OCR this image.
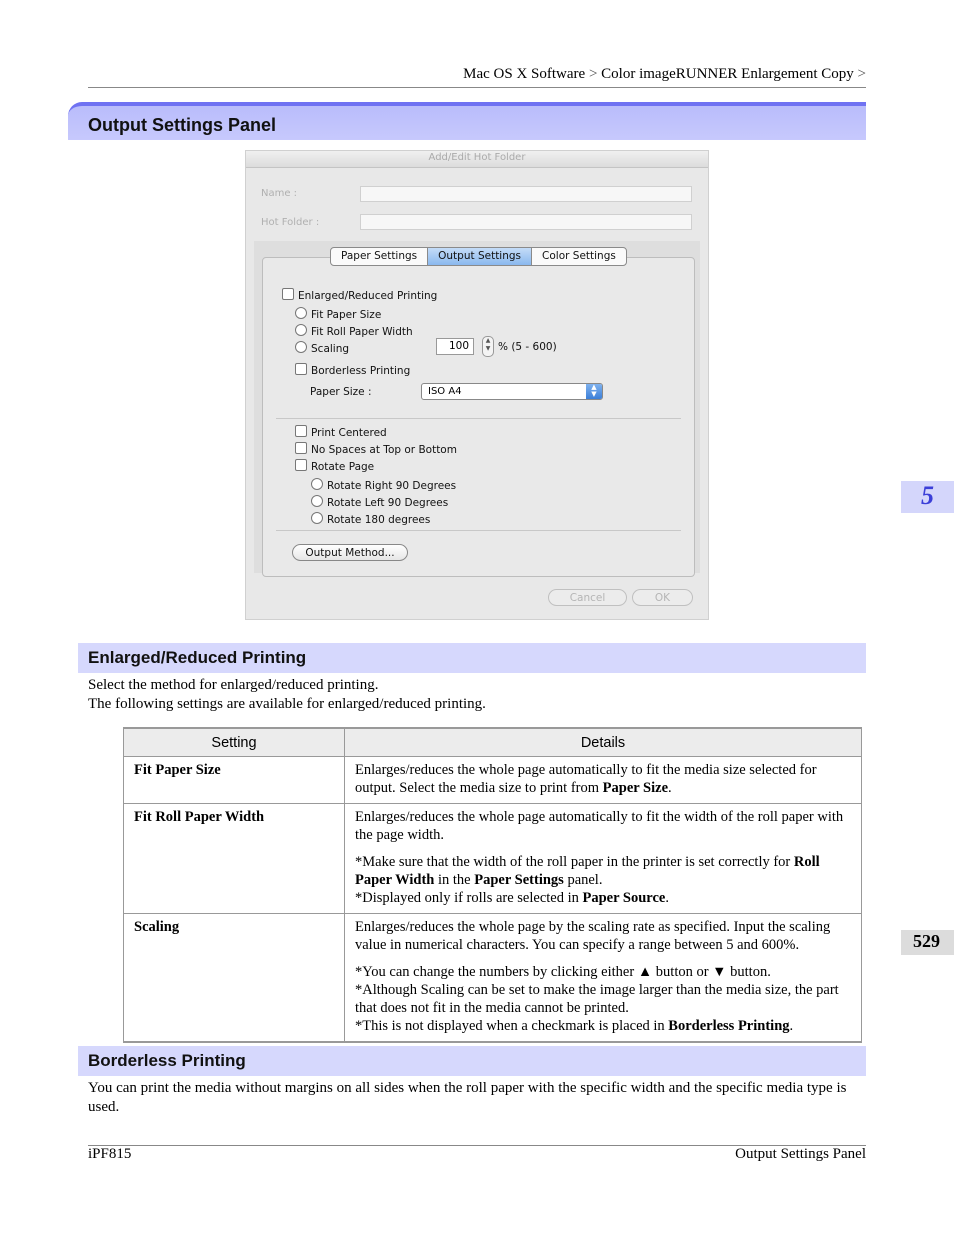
Mac OS X Software > Color imageRUNNER Enlargement Copy >
Output Settings Panel
Add/Edit Hot Folder
Name :
Hot Folder :
Paper Settings	Output Settings	Color Settings
Enlarged/Reduced Printing
Fit Paper Size
Fit Roll Paper Width
Scaling	100	▲
▼ % (5 - 600)
Borderless Printing
Paper Size :	ISO A4	▲
▼
Print Centered
No Spaces at Top or Bottom
Rotate Page
Rotate Right 90 Degrees
Rotate Left 90 Degrees
Rotate 180 degrees
Output Method...
Cancel	OK
Enlarged/Reduced Printing
Select the method for enlarged/reduced printing.
The following settings are available for enlarged/reduced printing.
Setting	Details
Fit Paper Size	Enlarges/reduces the whole page automatically to fit the media size selected for output. Select the media size to print from Paper Size.

Fit Roll Paper Width	Enlarges/reduces the whole page automatically to fit the width of the roll paper with the page width.

*Make sure that the width of the roll paper in the printer is set correctly for Roll Paper Width in the Paper Settings panel.
*Displayed only if rolls are selected in Paper Source.

Scaling	Enlarges/reduces the whole page by the scaling rate as specified. Input the scaling value in numerical characters. You can specify a range between 5 and 600%.

*You can change the numbers by clicking either ▲ button or ▼ button.
*Although Scaling can be set to make the image larger than the media size, the part that does not fit in the media cannot be printed.
*This is not displayed when a checkmark is placed in Borderless Printing.

Borderless Printing
You can print the media without margins on all sides when the roll paper with the specific width and the specific media type is used.
5
529
iPF815	Output Settings Panel
